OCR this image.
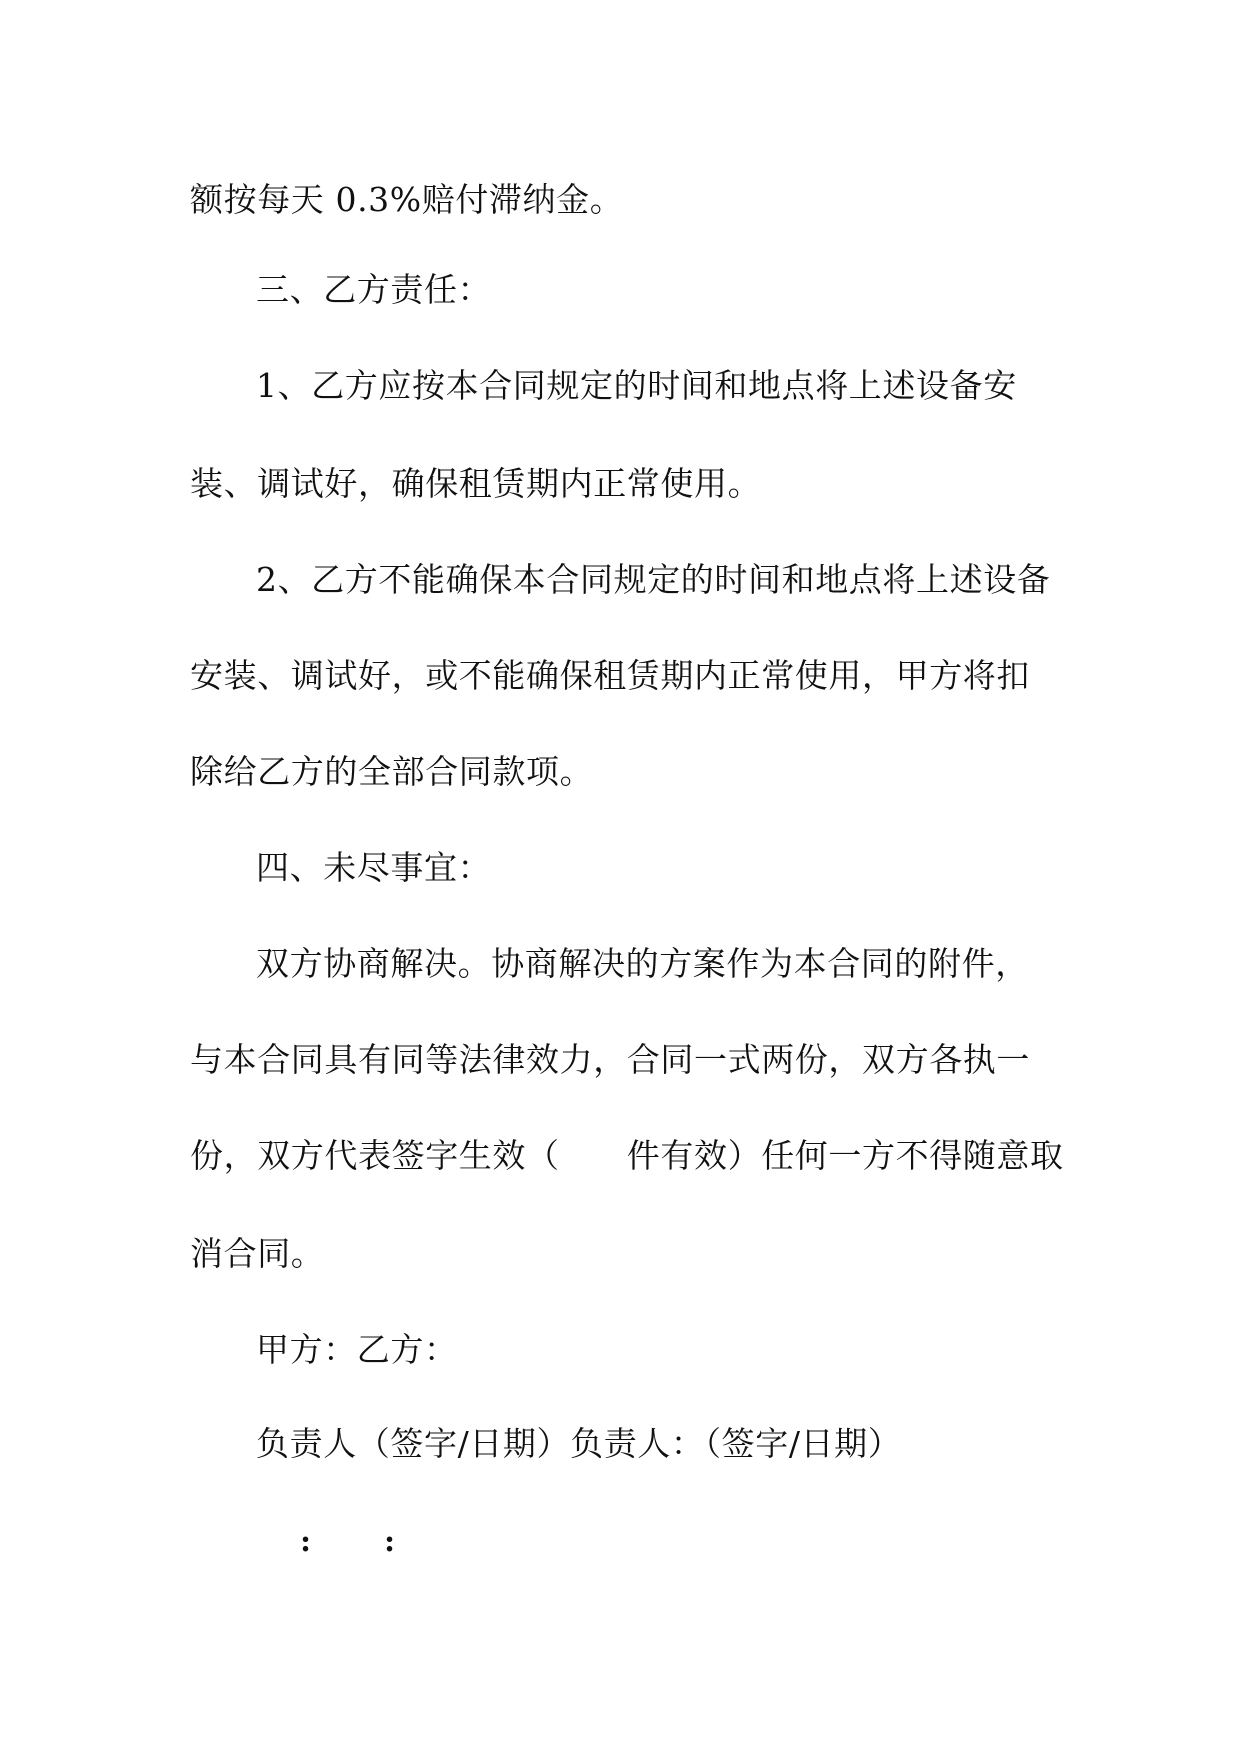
额按每天 0.3%赔付滞纳金。
三、乙方责任：
1、乙方应按本合同规定的时间和地点将上述设备安
装、调试好，确保租赁期内正常使用。
2、乙方不能确保本合同规定的时间和地点将上述设备
安装、调试好，或不能确保租赁期内正常使用，甲方将扣
除给乙方的全部合同款项。
四、未尽事宜：
双方协商解决。协商解决的方案作为本合同的附件，
与本合同具有同等法律效力，合同一式两份，双方各执一
份，双方代表签字生效（　　件有效）任何一方不得随意取
消合同。
甲方：乙方：
负责人（签字/日期）负责人：（签字/日期）
: :
